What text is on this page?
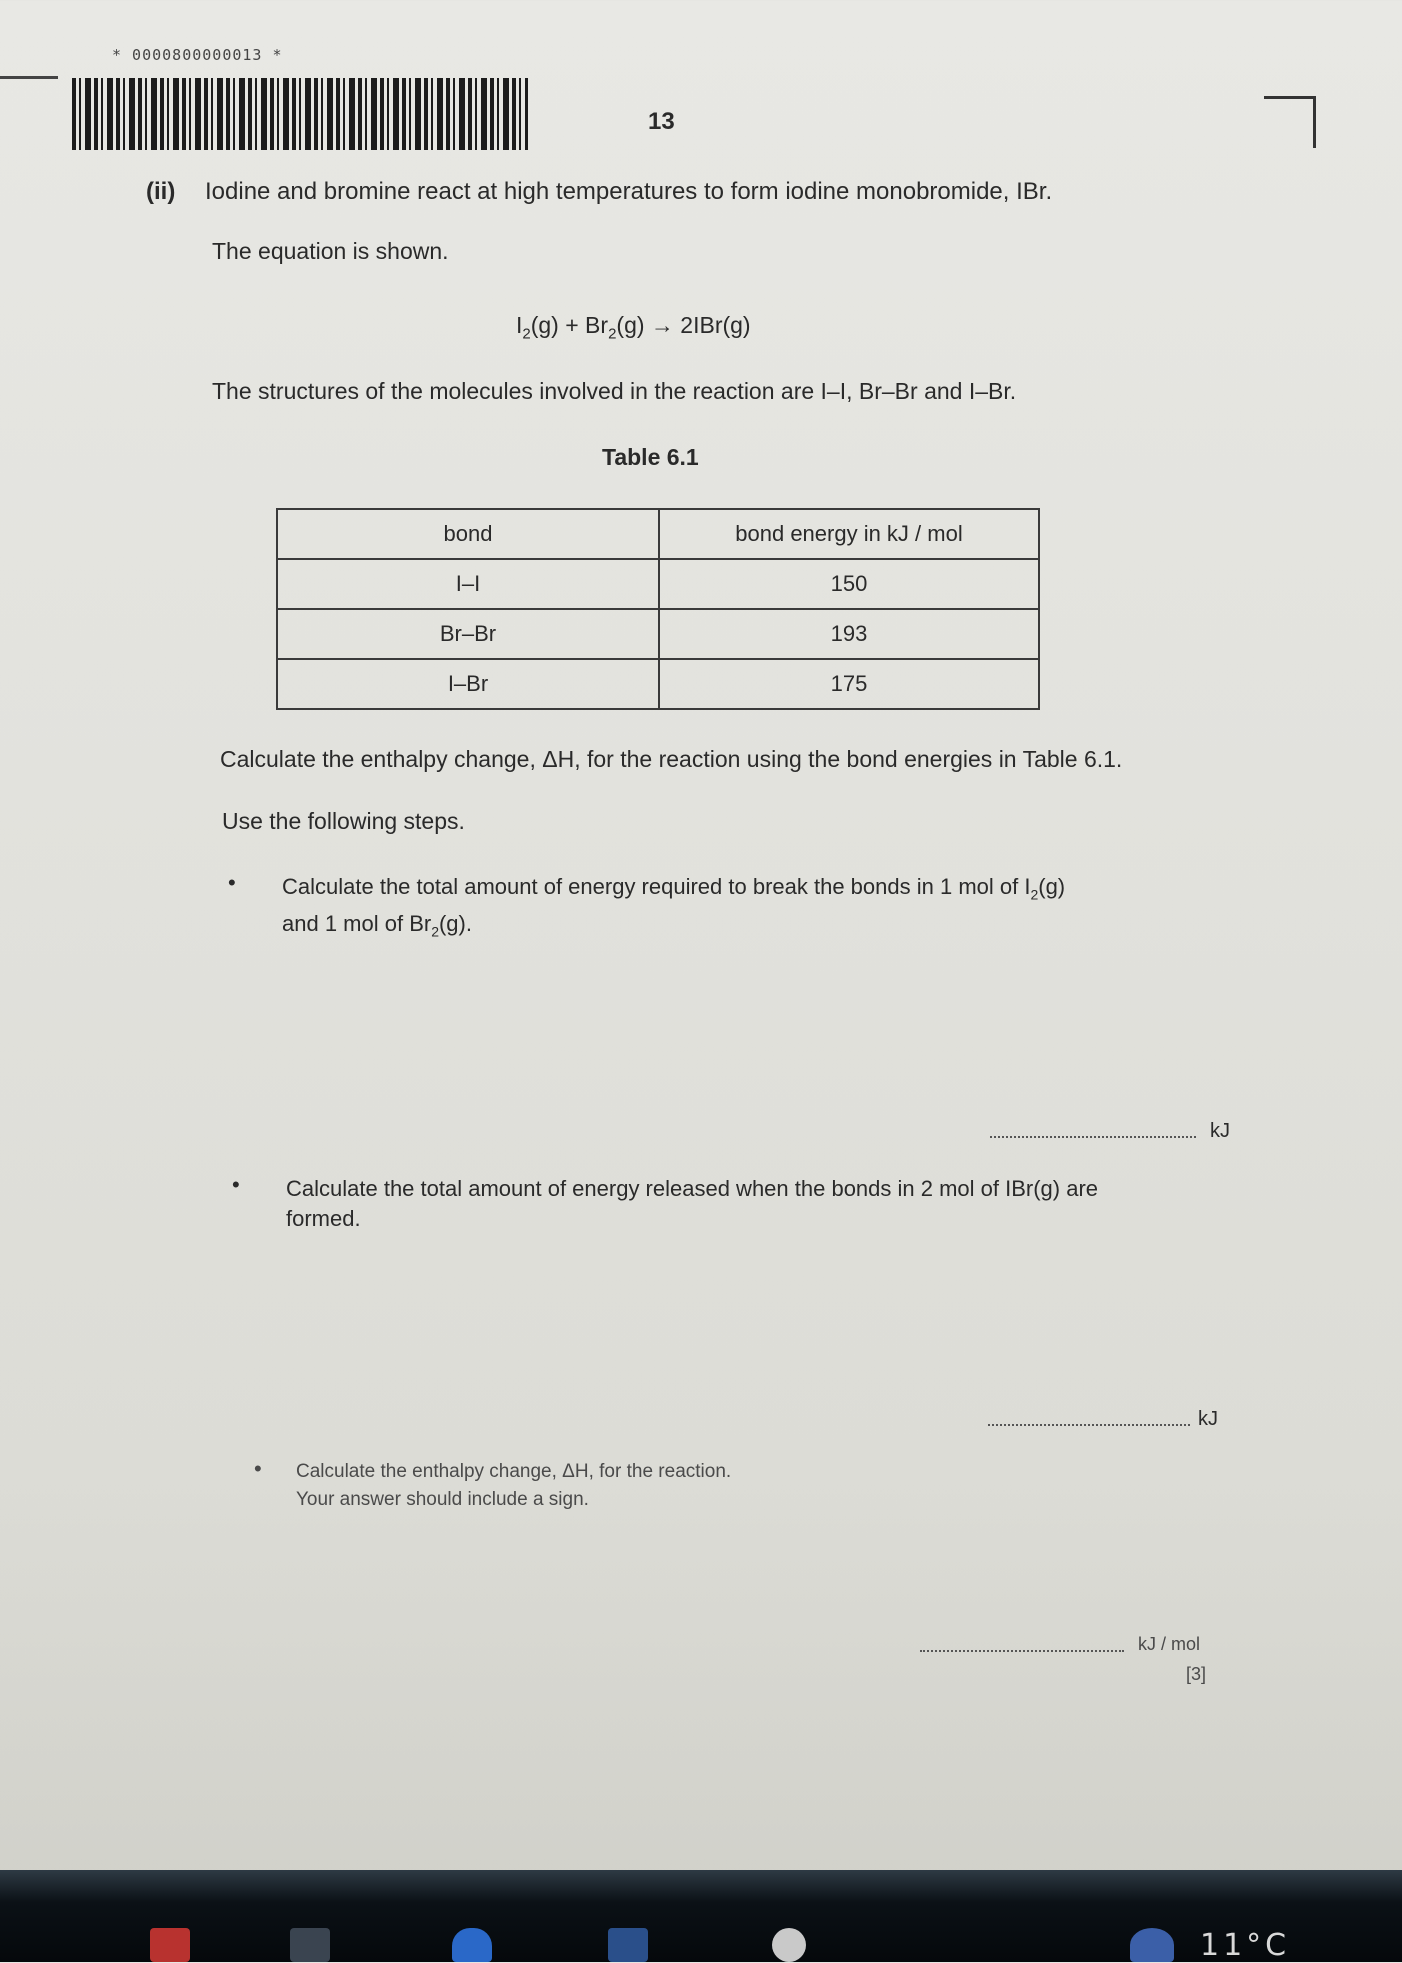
* 0000800000013 *
13
(ii) Iodine and bromine react at high temperatures to form iodine monobromide, IBr.
The equation is shown.
$I_2(g) + Br_2(g) \to 2IBr(g)$
The structures of the molecules involved in the reaction are I–I, Br–Br and I–Br.
Table 6.1
bond	bond energy in kJ / mol
I–I	150
Br–Br	193
I–Br	175
Calculate the enthalpy change, ΔH, for the reaction using the bond energies in Table 6.1.
Use the following steps.
• Calculate the total amount of energy required to break the bonds in 1 mol of $I_2(g)$
and 1 mol of $Br_2(g)$.
kJ
• Calculate the total amount of energy released when the bonds in 2 mol of IBr(g) are
formed.
kJ
• Calculate the enthalpy change, ΔH, for the reaction.
Your answer should include a sign.
kJ / mol
[3]
11°C
